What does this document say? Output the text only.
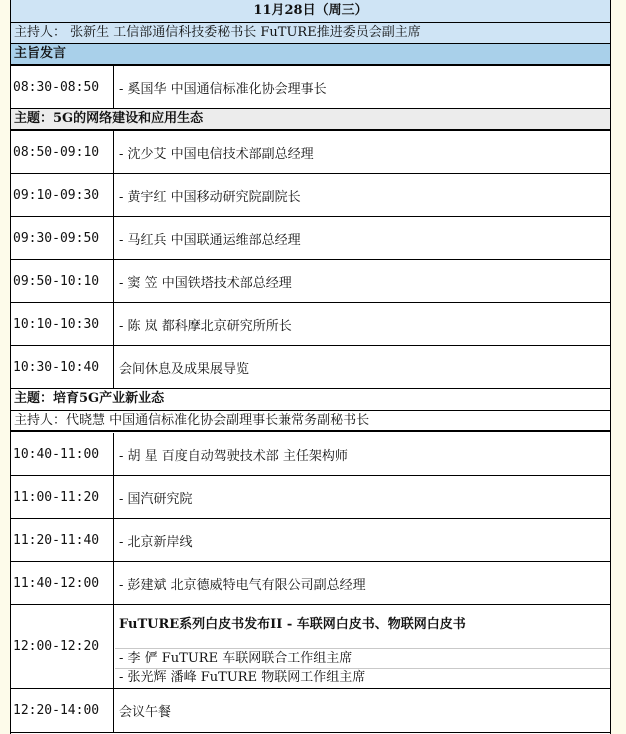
11月28日（周三）
主持人： 张新生 工信部通信科技委秘书长 FuTURE推进委员会副主席
主旨发言
08:30-08:50	- 奚国华 中国通信标准化协会理事长
主题：5G的网络建设和应用生态
08:50-09:10	- 沈少艾 中国电信技术部副总经理
09:10-09:30	- 黄宇红 中国移动研究院副院长
09:30-09:50	- 马红兵 中国联通运维部总经理
09:50-10:10	- 窦 笠 中国铁塔技术部总经理
10:10-10:30	- 陈 岚 都科摩北京研究所所长
10:30-10:40	会间休息及成果展导览
主题：培育5G产业新业态
主持人：代晓慧 中国通信标准化协会副理事长兼常务副秘书长
10:40-11:00	- 胡 星 百度自动驾驶技术部 主任架构师
11:00-11:20	- 国汽研究院
11:20-11:40	- 北京新岸线
11:40-12:00	- 彭建斌 北京德威特电气有限公司副总经理
12:00-12:20
FuTURE系列白皮书发布II - 车联网白皮书、物联网白皮书
- 李 俨 FuTURE 车联网联合工作组主席
- 张光辉 潘峰 FuTURE 物联网工作组主席
12:20-14:00	会议午餐
